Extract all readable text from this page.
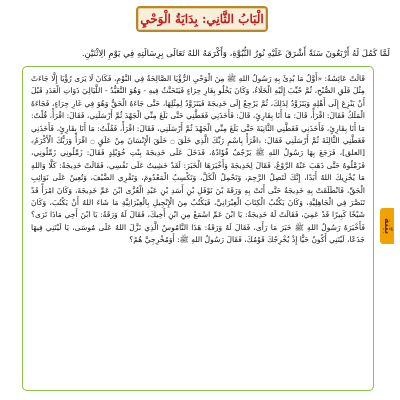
الْبَابُ الثَّانِي: بِدَايَةُ الْوَحْيِ

لَمَّا كَمُلَ لَهُ أَرْبَعُونَ سَنَةً أَشْرَقَ عَلَيْهِ نُورُ النُّبُوَّةِ، وَأَكْرَمَهُ اللهُ تَعَالَى بِرِسَالَتِهِ فِي يَوْمِ الِاثْنَيْنِ.

قَالَتْ عَائِشَةُ: «أَوَّلُ مَا بُدِئَ بِهِ رَسُولُ اللهِ ﷺ مِنَ الْوَحْيِ الرُّؤْيَا الصَّالِحَةُ فِي النَّوْمِ، فَكَانَ لَا يَرَى رُؤْيَا إِلَّا جَاءَتْ مِثْلَ فَلَقِ الصُّبْحِ، ثُمَّ حُبِّبَ إِلَيْهِ الْخَلَاءُ، وَكَانَ يَخْلُو بِغَارِ حِرَاءٍ فَيَتَحَنَّثُ فِيهِ - وَهُوَ التَّعَبُّدُ - اللَّيَالِيَ ذَوَاتِ الْعَدَدِ قَبْلَ أَنْ يَنْزِعَ إِلَى أَهْلِهِ وَيَتَزَوَّدُ لِذَلِكَ، ثُمَّ يَرْجِعُ إِلَى خَدِيجَةَ فَيَتَزَوَّدُ لِمِثْلِهَا، حَتَّى جَاءَهُ الْحَقُّ وَهُوَ فِي غَارِ حِرَاءٍ، فَجَاءَهُ الْمَلَكُ فَقَالَ: اقْرَأْ، قَالَ: مَا أَنَا بِقَارِئٍ، قَالَ: فَأَخَذَنِي فَغَطَّنِي حَتَّى بَلَغَ مِنِّي الْجَهْدَ ثُمَّ أَرْسَلَنِي، فَقَالَ: اقْرَأْ، قُلْتُ: مَا أَنَا بِقَارِئٍ، فَأَخَذَنِي فَغَطَّنِي الثَّانِيَةَ حَتَّى بَلَغَ مِنِّي الْجَهْدَ ثُمَّ أَرْسَلَنِي، فَقَالَ: اقْرَأْ، فَقُلْتُ: مَا أَنَا بِقَارِئٍ، فَأَخَذَنِي فَغَطَّنِي الثَّالِثَةَ ثُمَّ أَرْسَلَنِي فَقَالَ: ﴿اقْرَأْ بِاسْمِ رَبِّكَ الَّذِي خَلَقَ ۝ خَلَقَ الْإِنْسَانَ مِنْ عَلَقٍ ۝ اقْرَأْ وَرَبُّكَ الْأَكْرَمُ﴾ [العلق]، فَرَجَعَ بِهَا رَسُولُ اللهِ ﷺ يَرْجُفُ فُؤَادُهُ، فَدَخَلَ عَلَى خَدِيجَةَ بِنْتِ خُوَيْلِدٍ فَقَالَ: زَمِّلُونِي زَمِّلُونِي، فَزَمَّلُوهُ حَتَّى ذَهَبَ عَنْهُ الرَّوْعُ، فَقَالَ لِخَدِيجَةَ وَأَخْبَرَهَا الْخَبَرَ: لَقَدْ خَشِيتُ عَلَى نَفْسِي، فَقَالَتْ خَدِيجَةُ: كَلَّا وَاللهِ مَا يُخْزِيكَ اللهُ أَبَدًا، إِنَّكَ لَتَصِلُ الرَّحِمَ، وَتَحْمِلُ الْكَلَّ، وَتَكْسِبُ الْمَعْدُومَ، وَتَقْرِي الضَّيْفَ، وَتُعِينُ عَلَى نَوَائِبِ الْحَقِّ، فَانْطَلَقَتْ بِهِ خَدِيجَةُ حَتَّى أَتَتْ بِهِ وَرَقَةَ بْنَ نَوْفَلِ بْنِ أَسَدِ بْنِ عَبْدِ الْعُزَّى ابْنَ عَمِّ خَدِيجَةَ، وَكَانَ امْرَأً قَدْ تَنَصَّرَ فِي الْجَاهِلِيَّةِ، وَكَانَ يَكْتُبُ الْكِتَابَ الْعِبْرَانِيَّ، فَيَكْتُبُ مِنَ الْإِنْجِيلِ بِالْعِبْرَانِيَّةِ مَا شَاءَ اللهُ أَنْ يَكْتُبَ، وَكَانَ شَيْخًا كَبِيرًا قَدْ عَمِيَ، فَقَالَتْ لَهُ خَدِيجَةُ: يَا ابْنَ عَمِّ اسْمَعْ مِنِ ابْنِ أَخِيكَ، فَقَالَ لَهُ وَرَقَةُ: يَا ابْنَ أَخِي مَاذَا تَرَى؟ فَأَخْبَرَهُ رَسُولُ اللهِ ﷺ خَبَرَ مَا رَأَى، فَقَالَ لَهُ وَرَقَةُ: هَذَا النَّامُوسُ الَّذِي نَزَّلَ اللهُ عَلَى مُوسَى، يَا لَيْتَنِي فِيهَا جَذَعًا، لَيْتَنِي أَكُونُ حَيًّا إِذْ يُخْرِجُكَ قَوْمُكَ، فَقَالَ رَسُولُ اللهِ ﷺ: أَوَمُخْرِجِيَّ هُمْ؟

بيِّنة
